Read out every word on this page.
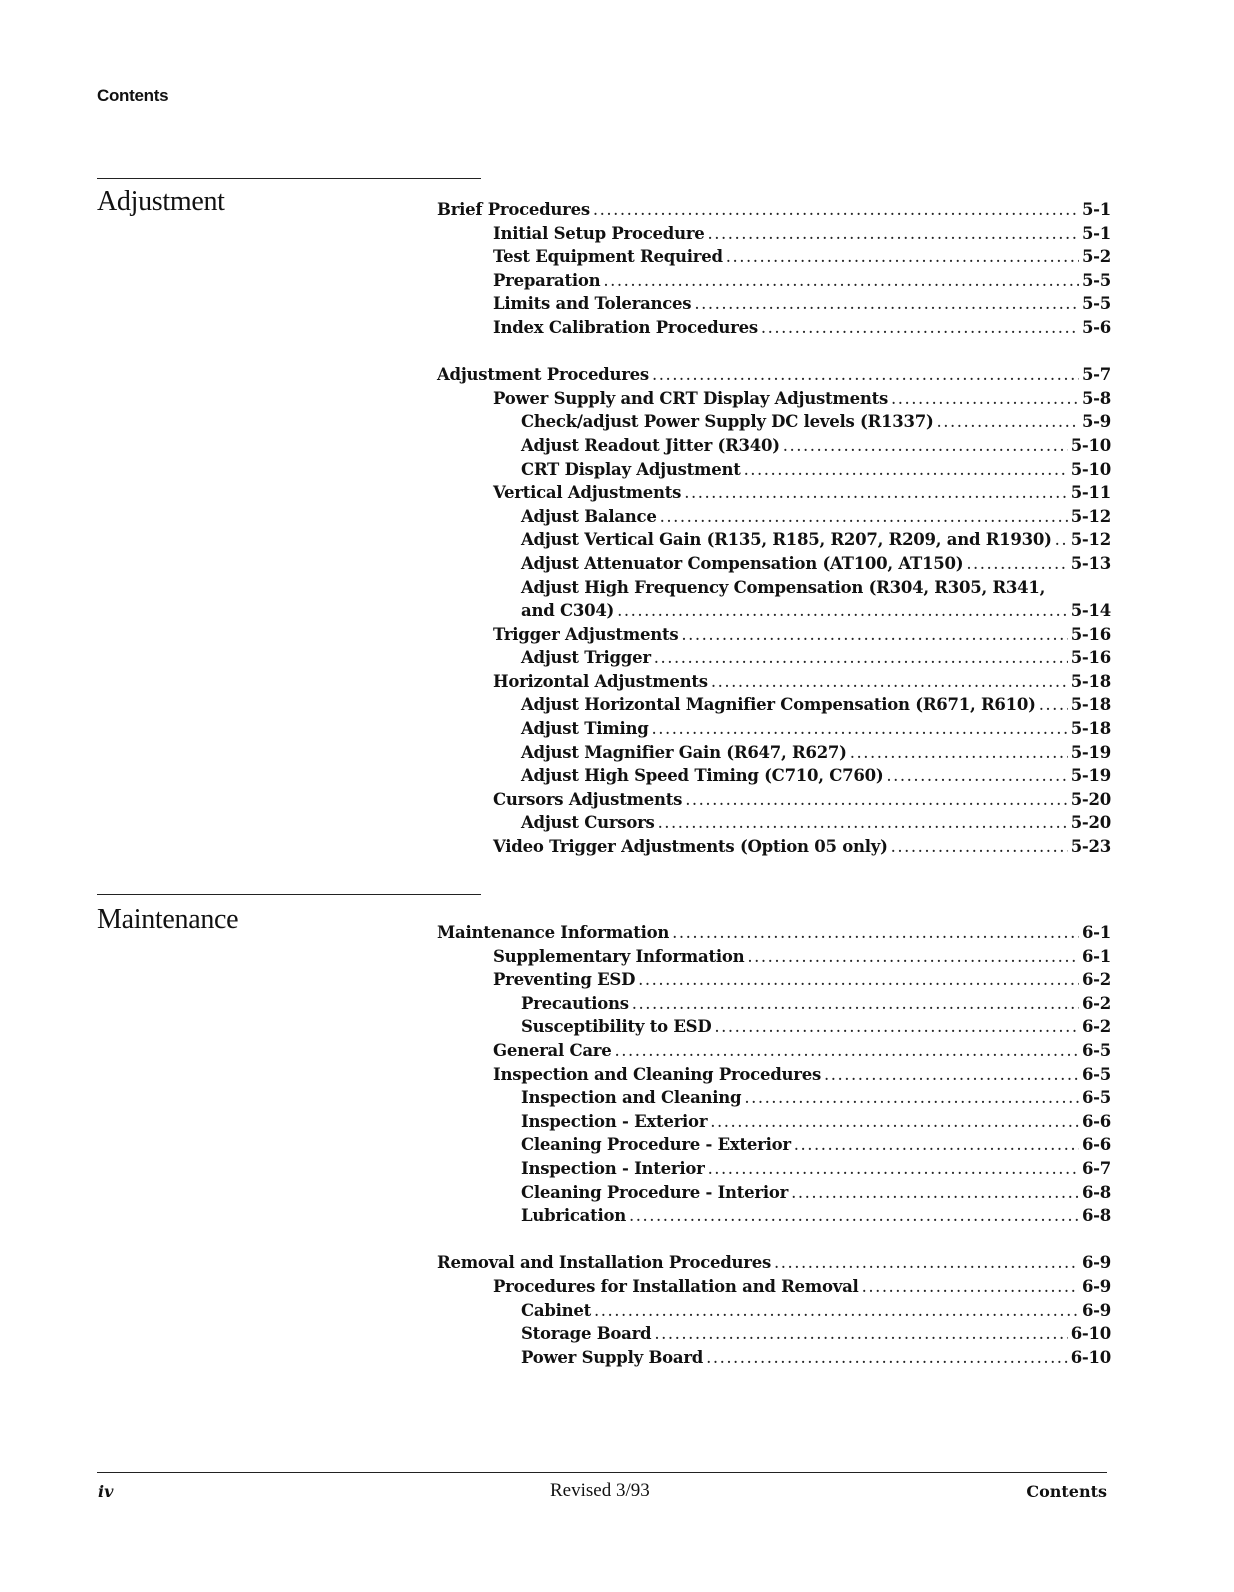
Contents
Adjustment	Brief Procedures .....	5-1
Initial Setup Procedure .....	5-1
Test Equipment Required .....	5-2
Preparation .....	5-5
Limits and Tolerances .....	5-5
Index Calibration Procedures .....	5-6
Adjustment Procedures .....	5-7
Power Supply and CRT Display Adjustments .....	5-8
Check/adjust Power Supply DC levels (R1337) .....	5-9
Adjust Readout Jitter (R340) .....	5-10
CRT Display Adjustment .....	5-10
Vertical Adjustments .....	5-11
Adjust Balance .....	5-12
Adjust Vertical Gain (R135, R185, R207, R209, and R1930) ..... 5-12
Adjust Attenuator Compensation (AT100, AT150) .....	5-13
Adjust High Frequency Compensation (R304, R305, R341,
and C304) .....	5-14
Trigger Adjustments .....	5-16
Adjust Trigger .....	5-16
Horizontal Adjustments .....	5-18
Adjust Horizontal Magnifier Compensation (R671, R610) ..... 5-18
Adjust Timing .....	5-18
Adjust Magnifier Gain (R647, R627) .....	5-19
Adjust High Speed Timing (C710, C760) .....	5-19
Cursors Adjustments .....	5-20
Adjust Cursors .....	5-20
Video Trigger Adjustments (Option 05 only) .....	5-23
Maintenance	Maintenance Information .....	6-1
Supplementary Information .....	6-1
Preventing ESD .....	6-2
Precautions .....	6-2
Susceptibility to ESD .....	6-2
General Care .....	6-5
Inspection and Cleaning Procedures .....	6-5
Inspection and Cleaning .....	6-5
Inspection - Exterior .....	6-6
Cleaning Procedure - Exterior .....	6-6
Inspection - Interior .....	6-7
Cleaning Procedure - Interior .....	6-8
Lubrication .....	6-8
Removal and Installation Procedures .....	6-9
Procedures for Installation and Removal .....	6-9
Cabinet .....	6-9
Storage Board .....	6-10
Power Supply Board .....	6-10
iv	Revised 3/93	Contents
